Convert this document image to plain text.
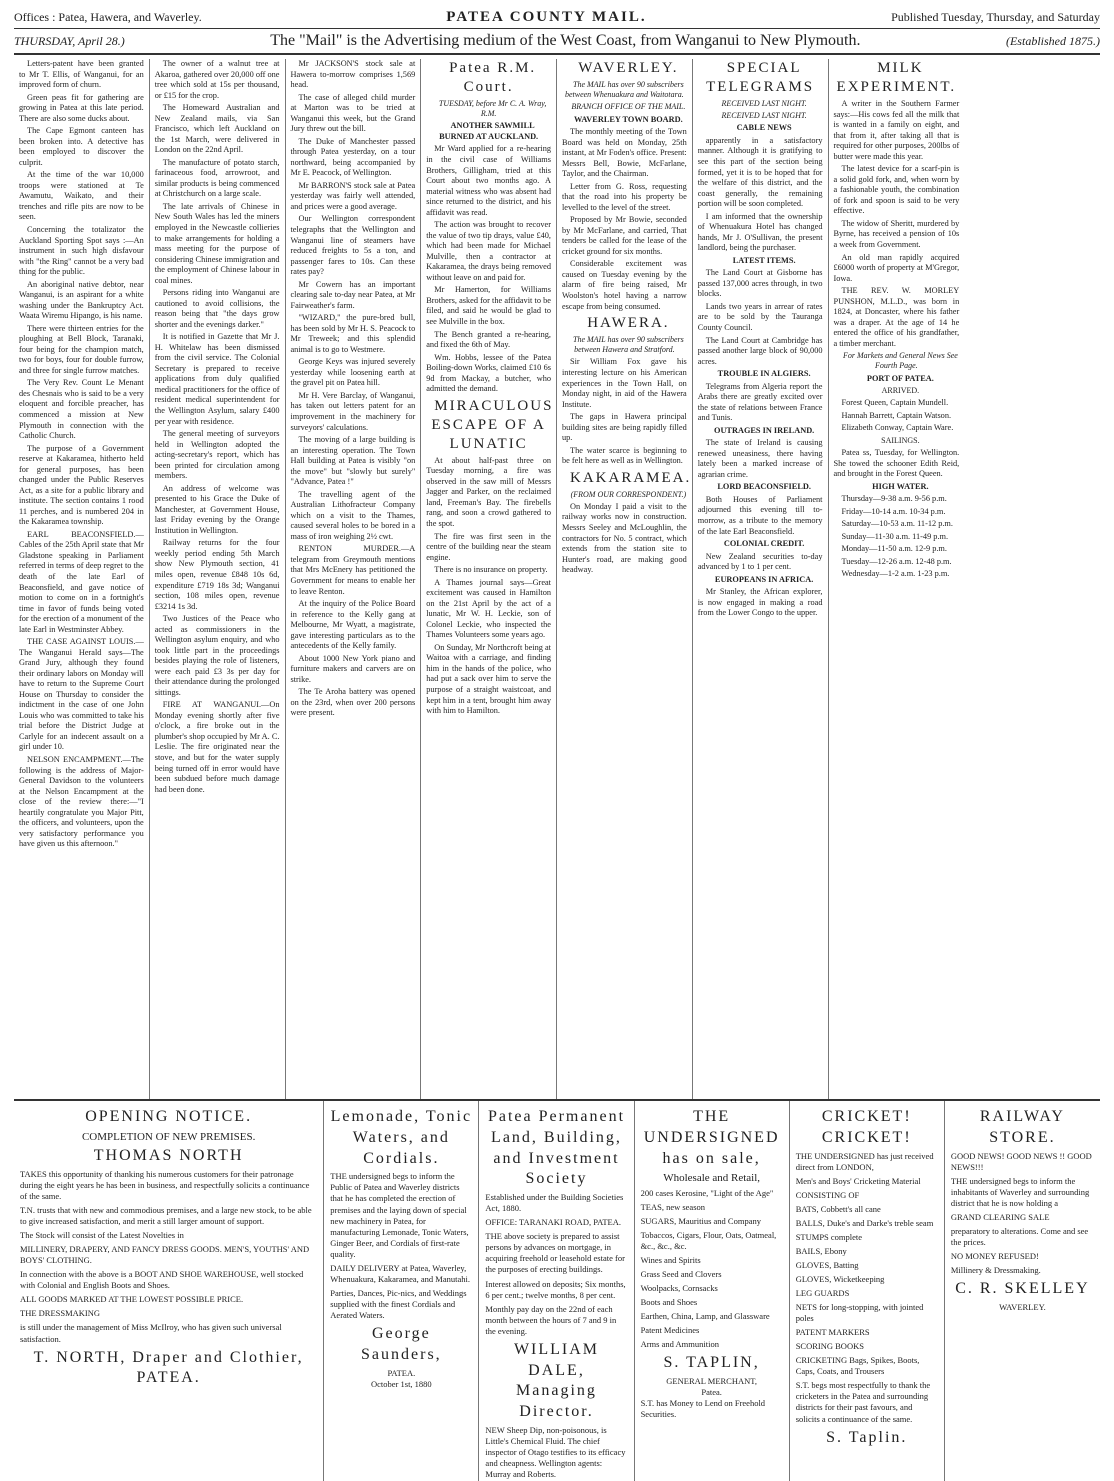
Offices : Patea, Hawera, and Waverley.	PATEA COUNTY MAIL.	Published Tuesday, Thursday, and Saturday
THURSDAY, April 28.)	The "Mail" is the Advertising medium of the West Coast, from Wanganui to New Plymouth.	(Established 1875.)

Letters-patent have been granted to Mr T. Ellis, of Wanganui, for an improved form of churn.

Green peas fit for gathering are growing in Patea at this late period. There are also some ducks about.

The Cape Egmont canteen has been broken into. A detective has been employed to discover the culprit.

At the time of the war 10,000 troops were stationed at Te Awamutu, Waikato, and their trenches and rifle pits are now to be seen.

Concerning the totalizator the Auckland Sporting Spot says :—An instrument in such high disfavour with "the Ring" cannot be a very bad thing for the public.

An aboriginal native debtor, near Wanganui, is an aspirant for a white washing under the Bankruptcy Act. Waata Wiremu Hipango, is his name.

There were thirteen entries for the ploughing at Bell Block, Taranaki, four being for the champion match, two for boys, four for double furrow, and three for single furrow matches.

The Very Rev. Count Le Menant des Chesnais who is said to be a very eloquent and forcible preacher, has commenced a mission at New Plymouth in connection with the Catholic Church.

The purpose of a Government reserve at Kakaramea, hitherto held for general purposes, has been changed under the Public Reserves Act, as a site for a public library and institute. The section contains 1 rood 11 perches, and is numbered 204 in the Kakaramea township.

EARL BEACONSFIELD.—Cables of the 25th April state that Mr Gladstone speaking in Parliament referred in terms of deep regret to the death of the late Earl of Beaconsfield, and gave notice of motion to come on in a fortnight's time in favor of funds being voted for the erection of a monument of the late Earl in Westminster Abbey.

THE CASE AGAINST LOUIS.—The Wanganui Herald says—The Grand Jury, although they found their ordinary labors on Monday will have to return to the Supreme Court House on Thursday to consider the indictment in the case of one John Louis who was committed to take his trial before the District Judge at Carlyle for an indecent assault on a girl under 10.

NELSON ENCAMPMENT.—The following is the address of Major-General Davidson to the volunteers at the Nelson Encampment at the close of the review there:—"I heartily congratulate you Major Pitt, the officers, and volunteers, upon the very satisfactory performance you have given us this afternoon."

The owner of a walnut tree at Akaroa, gathered over 20,000 off one tree which sold at 15s per thousand, or £15 for the crop.

The Homeward Australian and New Zealand mails, via San Francisco, which left Auckland on the 1st March, were delivered in London on the 22nd April.

The manufacture of potato starch, farinaceous food, arrowroot, and similar products is being commenced at Christchurch on a large scale.

The late arrivals of Chinese in New South Wales has led the miners employed in the Newcastle collieries to make arrangements for holding a mass meeting for the purpose of considering Chinese immigration and the employment of Chinese labour in coal mines.

Persons riding into Wanganui are cautioned to avoid collisions, the reason being that "the days grow shorter and the evenings darker."

It is notified in Gazette that Mr J. H. Whitelaw has been dismissed from the civil service. The Colonial Secretary is prepared to receive applications from duly qualified medical practitioners for the office of resident medical superintendent for the Wellington Asylum, salary £400 per year with residence.

The general meeting of surveyors held in Wellington adopted the acting-secretary's report, which has been printed for circulation among members.

An address of welcome was presented to his Grace the Duke of Manchester, at Government House, last Friday evening by the Orange Institution in Wellington.

Railway returns for the four weekly period ending 5th March show New Plymouth section, 41 miles open, revenue £848 10s 6d, expenditure £719 18s 3d; Wanganui section, 108 miles open, revenue £3214 1s 3d.

Two Justices of the Peace who acted as commissioners in the Wellington asylum enquiry, and who took little part in the proceedings besides playing the role of listeners, were each paid £3 3s per day for their attendance during the prolonged sittings.

FIRE AT WANGANUI.—On Monday evening shortly after five o'clock, a fire broke out in the plumber's shop occupied by Mr A. C. Leslie. The fire originated near the stove, and but for the water supply being turned off in error would have been subdued before much damage had been done.

Mr JACKSON'S stock sale at Hawera to-morrow comprises 1,569 head.

The case of alleged child murder at Marton was to be tried at Wanganui this week, but the Grand Jury threw out the bill.

The Duke of Manchester passed through Patea yesterday, on a tour northward, being accompanied by Mr E. Peacock, of Wellington.

Mr BARRON'S stock sale at Patea yesterday was fairly well attended, and prices were a good average.

Our Wellington correspondent telegraphs that the Wellington and Wanganui line of steamers have reduced freights to 5s a ton, and passenger fares to 10s. Can these rates pay?

Mr Cowern has an important clearing sale to-day near Patea, at Mr Fairweather's farm.

"WIZARD," the pure-bred bull, has been sold by Mr H. S. Peacock to Mr Treweek; and this splendid animal is to go to Westmere.

George Keys was injured severely yesterday while loosening earth at the gravel pit on Patea hill.

Mr H. Vere Barclay, of Wanganui, has taken out letters patent for an improvement in the machinery for surveyors' calculations.

The moving of a large building is an interesting operation. The Town Hall building at Patea is visibly "on the move" but "slowly but surely" "Advance, Patea !"

The travelling agent of the Australian Lithofracteur Company which on a visit to the Thames, caused several holes to be bored in a mass of iron weighing 2½ cwt.

RENTON MURDER.—A telegram from Greymouth mentions that Mrs McEnery has petitioned the Government for means to enable her to leave Renton.

At the inquiry of the Police Board in reference to the Kelly gang at Melbourne, Mr Wyatt, a magistrate, gave interesting particulars as to the antecedents of the Kelly family.

About 1000 New York piano and furniture makers and carvers are on strike.

The Te Aroha battery was opened on the 23rd, when over 200 persons were present.

Patea R.M. Court.

TUESDAY, before Mr C. A. Wray, R.M.

ANOTHER SAWMILL BURNED AT AUCKLAND.

Mr Ward applied for a re-hearing in the civil case of Williams Brothers, Gilligham, tried at this Court about two months ago. A material witness who was absent had since returned to the district, and his affidavit was read.

The action was brought to recover the value of two tip drays, value £40, which had been made for Michael Mulville, then a contractor at Kakaramea, the drays being removed without leave on and paid for.

Mr Hamerton, for Williams Brothers, asked for the affidavit to be filed, and said he would be glad to see Mulville in the box.

The Bench granted a re-hearing, and fixed the 6th of May.

Wm. Hobbs, lessee of the Patea Boiling-down Works, claimed £10 6s 9d from Mackay, a butcher, who admitted the demand.

MIRACULOUS ESCAPE OF A LUNATIC

At about half-past three on Tuesday morning, a fire was observed in the saw mill of Messrs Jagger and Parker, on the reclaimed land, Freeman's Bay. The firebells rang, and soon a crowd gathered to the spot.

The fire was first seen in the centre of the building near the steam engine.

There is no insurance on property.

A Thames journal says—Great excitement was caused in Hamilton on the 21st April by the act of a lunatic, Mr W. H. Leckie, son of Colonel Leckie, who inspected the Thames Volunteers some years ago.

On Sunday, Mr Northcroft being at Waitoa with a carriage, and finding him in the hands of the police, who had put a sack over him to serve the purpose of a straight waistcoat, and kept him in a tent, brought him away with him to Hamilton.

WAVERLEY.

The MAIL has over 90 subscribers between Whenuakura and Waitotara.

BRANCH OFFICE OF THE MAIL.

WAVERLEY TOWN BOARD.

The monthly meeting of the Town Board was held on Monday, 25th instant, at Mr Foden's office. Present: Messrs Bell, Bowie, McFarlane, Taylor, and the Chairman.

Letter from G. Ross, requesting that the road into his property be levelled to the level of the street.

Proposed by Mr Bowie, seconded by Mr McFarlane, and carried, That tenders be called for the lease of the cricket ground for six months.

Considerable excitement was caused on Tuesday evening by the alarm of fire being raised, Mr Woolston's hotel having a narrow escape from being consumed.

HAWERA.

The MAIL has over 90 subscribers between Hawera and Stratford.

Sir William Fox gave his interesting lecture on his American experiences in the Town Hall, on Monday night, in aid of the Hawera Institute.

The gaps in Hawera principal building sites are being rapidly filled up.

The water scarce is beginning to be felt here as well as in Wellington.

KAKARAMEA.

(FROM OUR CORRESPONDENT.)

On Monday I paid a visit to the railway works now in construction. Messrs Seeley and McLoughlin, the contractors for No. 5 contract, which extends from the station site to Hunter's road, are making good headway.

SPECIAL TELEGRAMS

RECEIVED LAST NIGHT.

RECEIVED LAST NIGHT.

CABLE NEWS

apparently in a satisfactory manner. Although it is gratifying to see this part of the section being formed, yet it is to be hoped that for the welfare of this district, and the coast generally, the remaining portion will be soon completed.

I am informed that the ownership of Whenuakura Hotel has changed hands, Mr J. O'Sullivan, the present landlord, being the purchaser.

LATEST ITEMS.

The Land Court at Gisborne has passed 137,000 acres through, in two blocks.

Lands two years in arrear of rates are to be sold by the Tauranga County Council.

The Land Court at Cambridge has passed another large block of 90,000 acres.

TROUBLE IN ALGIERS.

Telegrams from Algeria report the Arabs there are greatly excited over the state of relations between France and Tunis.

OUTRAGES IN IRELAND.

The state of Ireland is causing renewed uneasiness, there having lately been a marked increase of agrarian crime.

LORD BEACONSFIELD.

Both Houses of Parliament adjourned this evening till to-morrow, as a tribute to the memory of the late Earl Beaconsfield.

COLONIAL CREDIT.

New Zealand securities to-day advanced by 1 to 1 per cent.

EUROPEANS IN AFRICA.

Mr Stanley, the African explorer, is now engaged in making a road from the Lower Congo to the upper.

MILK EXPERIMENT.

A writer in the Southern Farmer says:—His cows fed all the milk that is wanted in a family on eight, and that from it, after taking all that is required for other purposes, 200lbs of butter were made this year.

The latest device for a scarf-pin is a solid gold fork, and, when worn by a fashionable youth, the combination of fork and spoon is said to be very effective.

The widow of Sheritt, murdered by Byrne, has received a pension of 10s a week from Government.

An old man rapidly acquired £6000 worth of property at M'Gregor, Iowa.

THE REV. W. MORLEY PUNSHON, M.L.D., was born in 1824, at Doncaster, where his father was a draper. At the age of 14 he entered the office of his grandfather, a timber merchant.

For Markets and General News See Fourth Page.

PORT OF PATEA.

ARRIVED.

Forest Queen, Captain Mundell.

Hannah Barrett, Captain Watson.

Elizabeth Conway, Captain Ware.

SAILINGS.

Patea ss, Tuesday, for Wellington. She towed the schooner Edith Reid, and brought in the Forest Queen.

HIGH WATER.

Thursday—9-38 a.m. 9-56 p.m.

Friday—10-14 a.m. 10-34 p.m.

Saturday—10-53 a.m. 11-12 p.m.

Sunday—11-30 a.m. 11-49 p.m.

Monday—11-50 a.m. 12-9 p.m.

Tuesday—12-26 a.m. 12-48 p.m.

Wednesday—1-2 a.m. 1-23 p.m.

OPENING NOTICE.
COMPLETION OF NEW PREMISES.
THOMAS NORTH

TAKES this opportunity of thanking his numerous customers for their patronage during the eight years he has been in business, and respectfully solicits a continuance of the same.

T.N. trusts that with new and commodious premises, and a large new stock, to be able to give increased satisfaction, and merit a still larger amount of support.

The Stock will consist of the Latest Novelties in

MILLINERY, DRAPERY, AND FANCY DRESS GOODS. MEN'S, YOUTHS' AND BOYS' CLOTHING.

In connection with the above is a BOOT AND SHOE WAREHOUSE, well stocked with Colonial and English Boots and Shoes.

ALL GOODS MARKED AT THE LOWEST POSSIBLE PRICE.

THE DRESSMAKING

is still under the management of Miss McIlroy, who has given such universal satisfaction.

T. NORTH, Draper and Clothier, PATEA.
Lemonade, Tonic Waters, and Cordials.

THE undersigned begs to inform the Public of Patea and Waverley districts that he has completed the erection of premises and the laying down of special new machinery in Patea, for manufacturing Lemonade, Tonic Waters, Ginger Beer, and Cordials of first-rate quality.

DAILY DELIVERY at Patea, Waverley, Whenuakura, Kakaramea, and Manutahi.

Parties, Dances, Pic-nics, and Weddings supplied with the finest Cordials and Aerated Waters.

George Saunders,
PATEA.
October 1st, 1880
Patea Permanent Land, Building, and Investment Society

Established under the Building Societies Act, 1880.

OFFICE: TARANAKI ROAD, PATEA.

THE above society is prepared to assist persons by advances on mortgage, in acquiring freehold or leasehold estate for the purposes of erecting buildings.

Interest allowed on deposits; Six months, 6 per cent.; twelve months, 8 per cent.

Monthly pay day on the 22nd of each month between the hours of 7 and 9 in the evening.

WILLIAM DALE, Managing Director.

NEW Sheep Dip, non-poisonous, is Little's Chemical Fluid. The chief inspector of Otago testifies to its efficacy and cheapness. Wellington agents: Murray and Roberts.

THE UNDERSIGNED has on sale,
Wholesale and Retail,

200 cases Kerosine, "Light of the Age"

TEAS, new season

SUGARS, Mauritius and Company

Tobaccos, Cigars, Flour, Oats, Oatmeal, &c., &c., &c.

Wines and Spirits

Grass Seed and Clovers

Woolpacks, Cornsacks

Boots and Shoes

Earthen, China, Lamp, and Glassware

Patent Medicines

Arms and Ammunition

S. TAPLIN,
GENERAL MERCHANT,
Patea.

S.T. has Money to Lend on Freehold Securities.

CRICKET! CRICKET!

THE UNDERSIGNED has just received direct from LONDON,

Men's and Boys' Cricketing Material

CONSISTING OF

BATS, Cobbett's all cane

BALLS, Duke's and Darke's treble seam

STUMPS complete

BAILS, Ebony

GLOVES, Batting

GLOVES, Wicketkeeping

LEG GUARDS

NETS for long-stopping, with jointed poles

PATENT MARKERS

SCORING BOOKS

CRICKETING Bags, Spikes, Boots, Caps, Coats, and Trousers

S.T. begs most respectfully to thank the cricketers in the Patea and surrounding districts for their past favours, and solicits a continuance of the same.

S. Taplin.
RAILWAY STORE.

GOOD NEWS! GOOD NEWS !! GOOD NEWS!!!

THE undersigned begs to inform the inhabitants of Waverley and surrounding district that he is now holding a

GRAND CLEARING SALE

preparatory to alterations. Come and see the prices.

NO MONEY REFUSED!

Millinery & Dressmaking.

C. R. SKELLEY
WAVERLEY.
